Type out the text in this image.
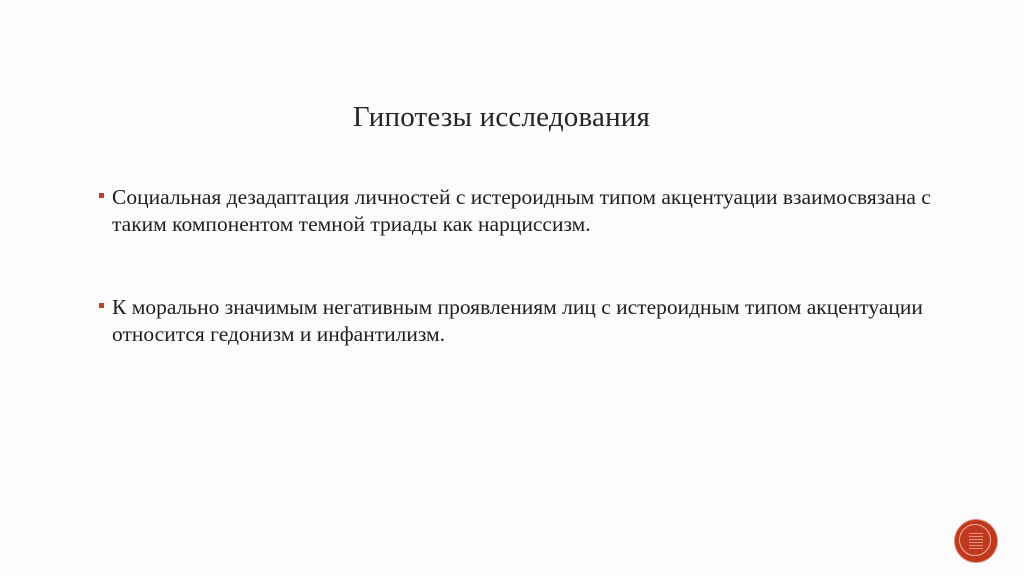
Гипотезы исследования
Социальная дезадаптация личностей с истероидным типом акцентуации взаимосвязана с таким компонентом темной триады как нарциссизм.
К морально значимым негативным проявлениям лиц с истероидным типом акцентуации относится гедонизм и инфантилизм.
